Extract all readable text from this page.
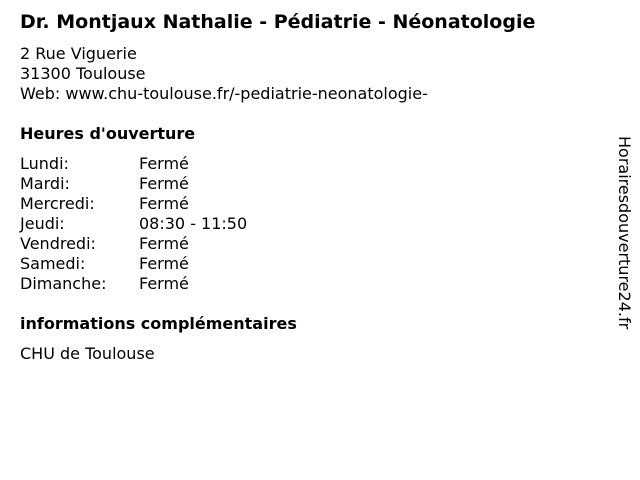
Dr. Montjaux Nathalie - Pédiatrie - Néonatologie
2 Rue Viguerie
31300 Toulouse
Web: www.chu-toulouse.fr/-pediatrie-neonatologie-
Heures d'ouverture
Lundi:	Fermé
Mardi:	Fermé
Mercredi:	Fermé
Jeudi:	08:30 - 11:50
Vendredi:	Fermé
Samedi:	Fermé
Dimanche:	Fermé
informations complémentaires
CHU de Toulouse
Horairesdouverture24.fr
